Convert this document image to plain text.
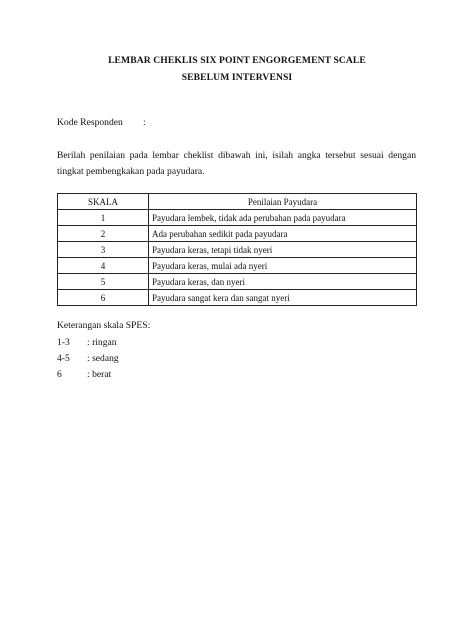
LEMBAR CHEKLIS SIX POINT ENGORGEMENT SCALE
SEBELUM INTERVENSI
Kode Responden :
Berilah penilaian pada lembar cheklist dibawah ini, isilah angka tersebut sesuai dengan tingkat pembengkakan pada payudara.
SKALA	Penilaian Payudara
1	Payudara lembek, tidak ada perubahan pada payudara
2	Ada perubahan sedikit pada payudara
3	Payudara keras, tetapi tidak nyeri
4	Payudara keras, mulai ada nyeri
5	Payudara keras, dan nyeri
6	Payudara sangat kera dan sangat nyeri
Keterangan skala SPES:
1-3 : ringan
4-5 : sedang
6	: berat
